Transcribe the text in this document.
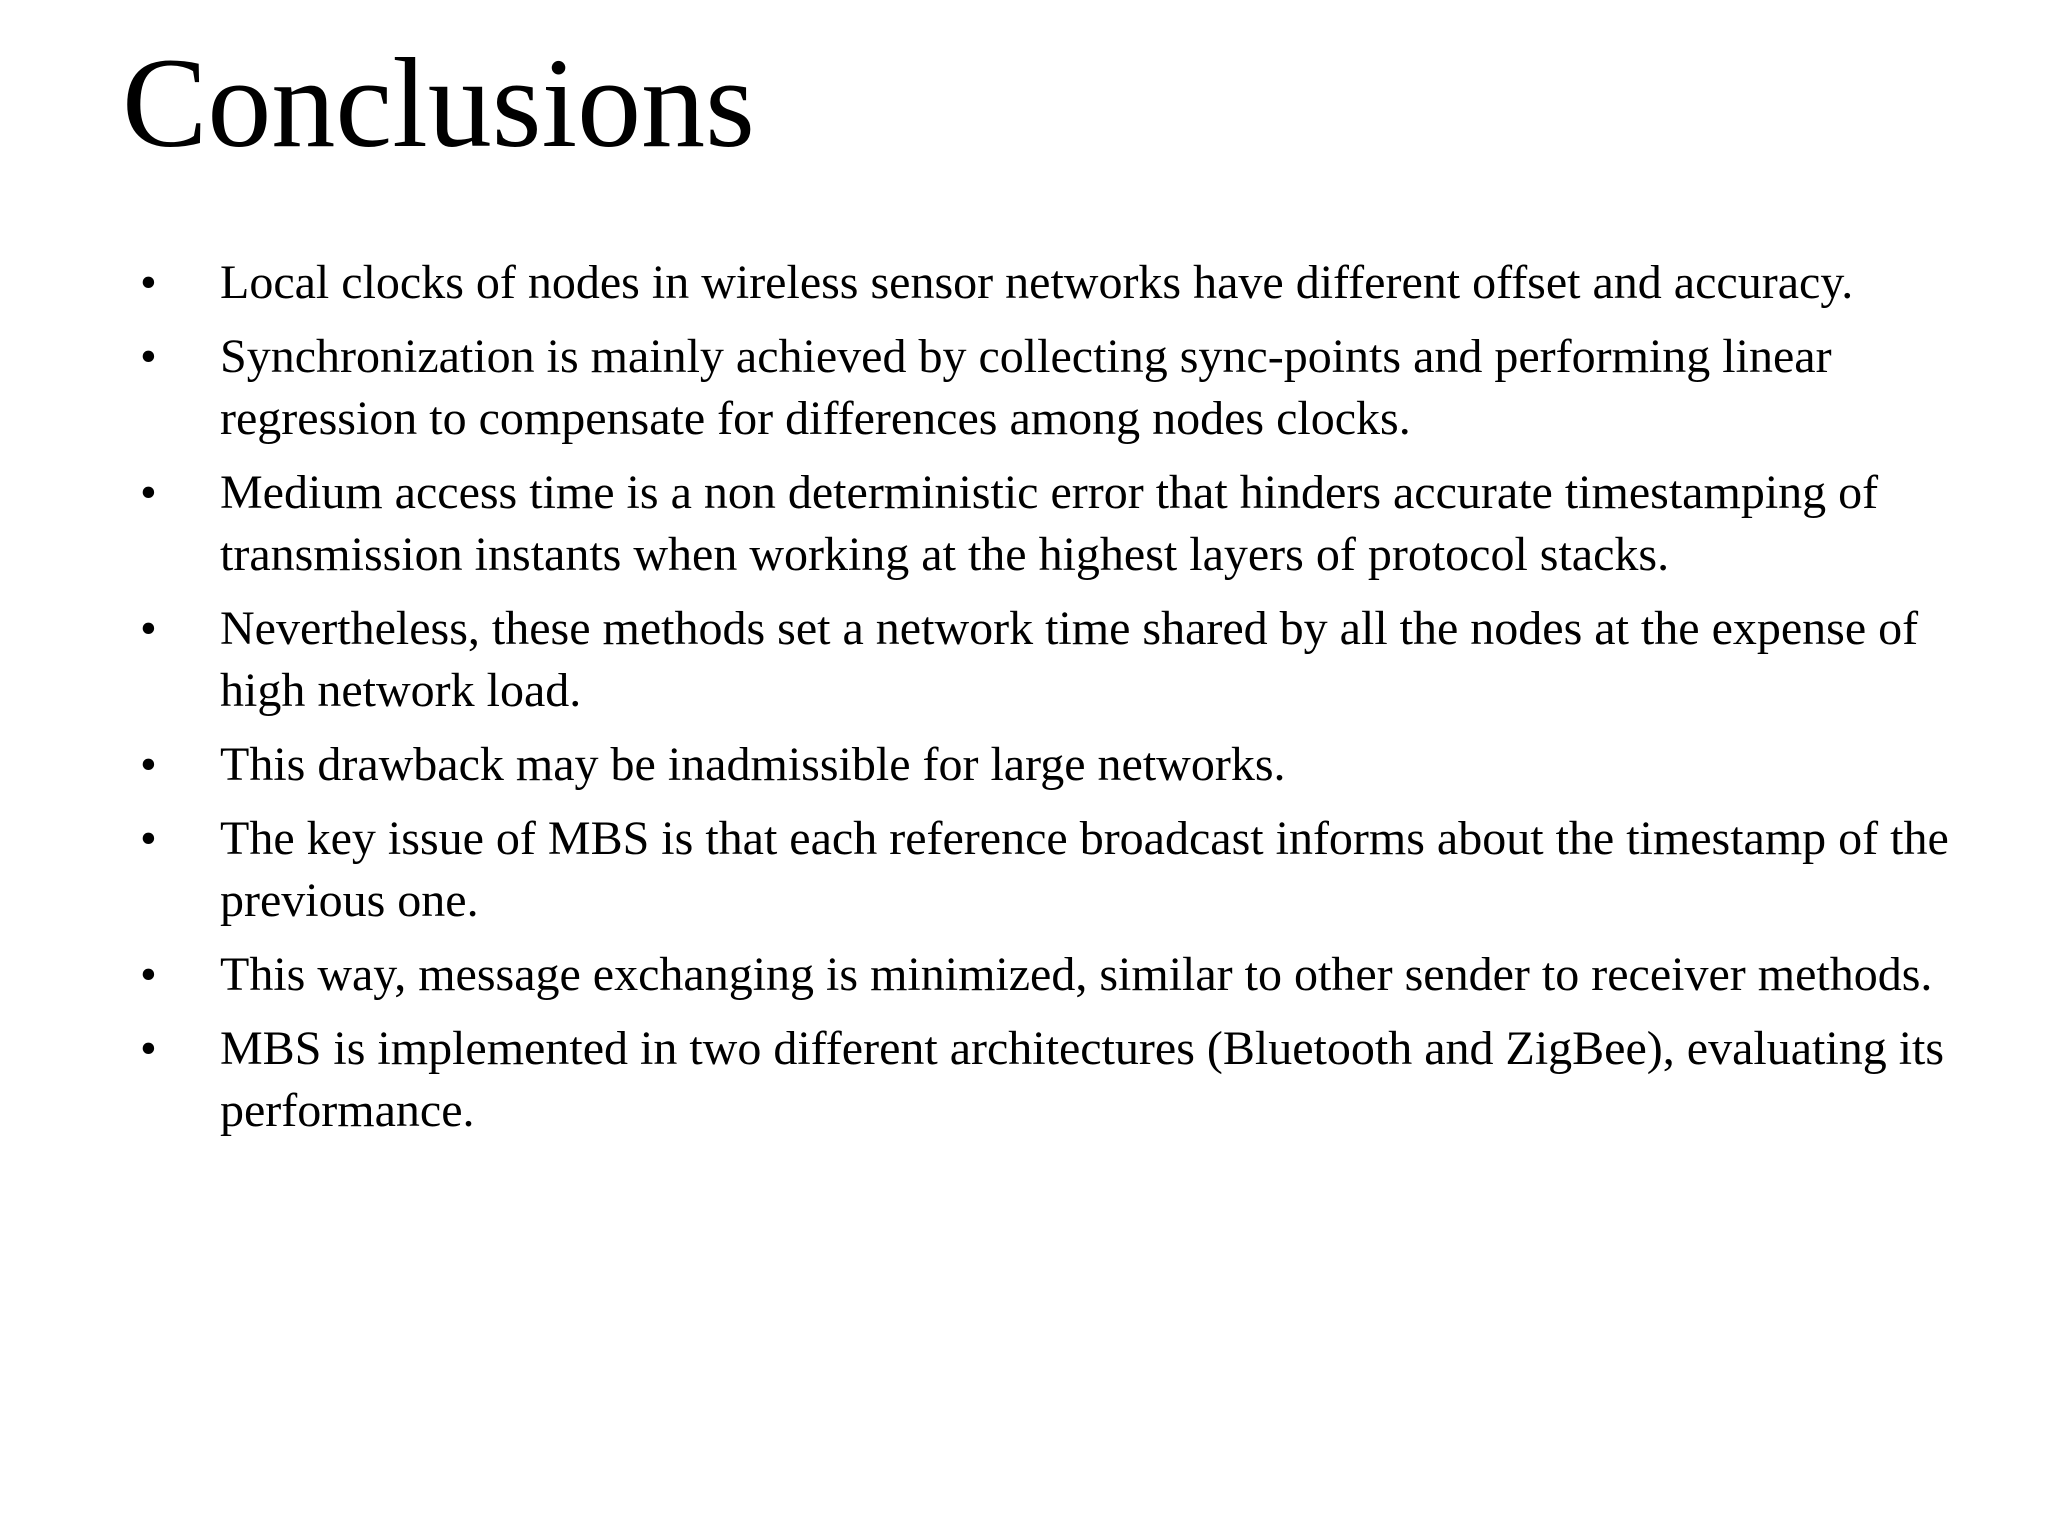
Conclusions
•	Local clocks of nodes in wireless sensor networks have different offset and accuracy.
•	Synchronization is mainly achieved by collecting sync-points and performing linear regression to compensate for differences among nodes clocks.
•	Medium access time is a non deterministic error that hinders accurate timestamping of transmission instants when working at the highest layers of protocol stacks.
•	Nevertheless, these methods set a network time shared by all the nodes at the expense of high network load.
•	This drawback may be inadmissible for large networks.
•	The key issue of MBS is that each reference broadcast informs about the timestamp of the previous one.
•	This way, message exchanging is minimized, similar to other sender to receiver methods.
•	MBS is implemented in two different architectures (Bluetooth and ZigBee), evaluating its performance.
